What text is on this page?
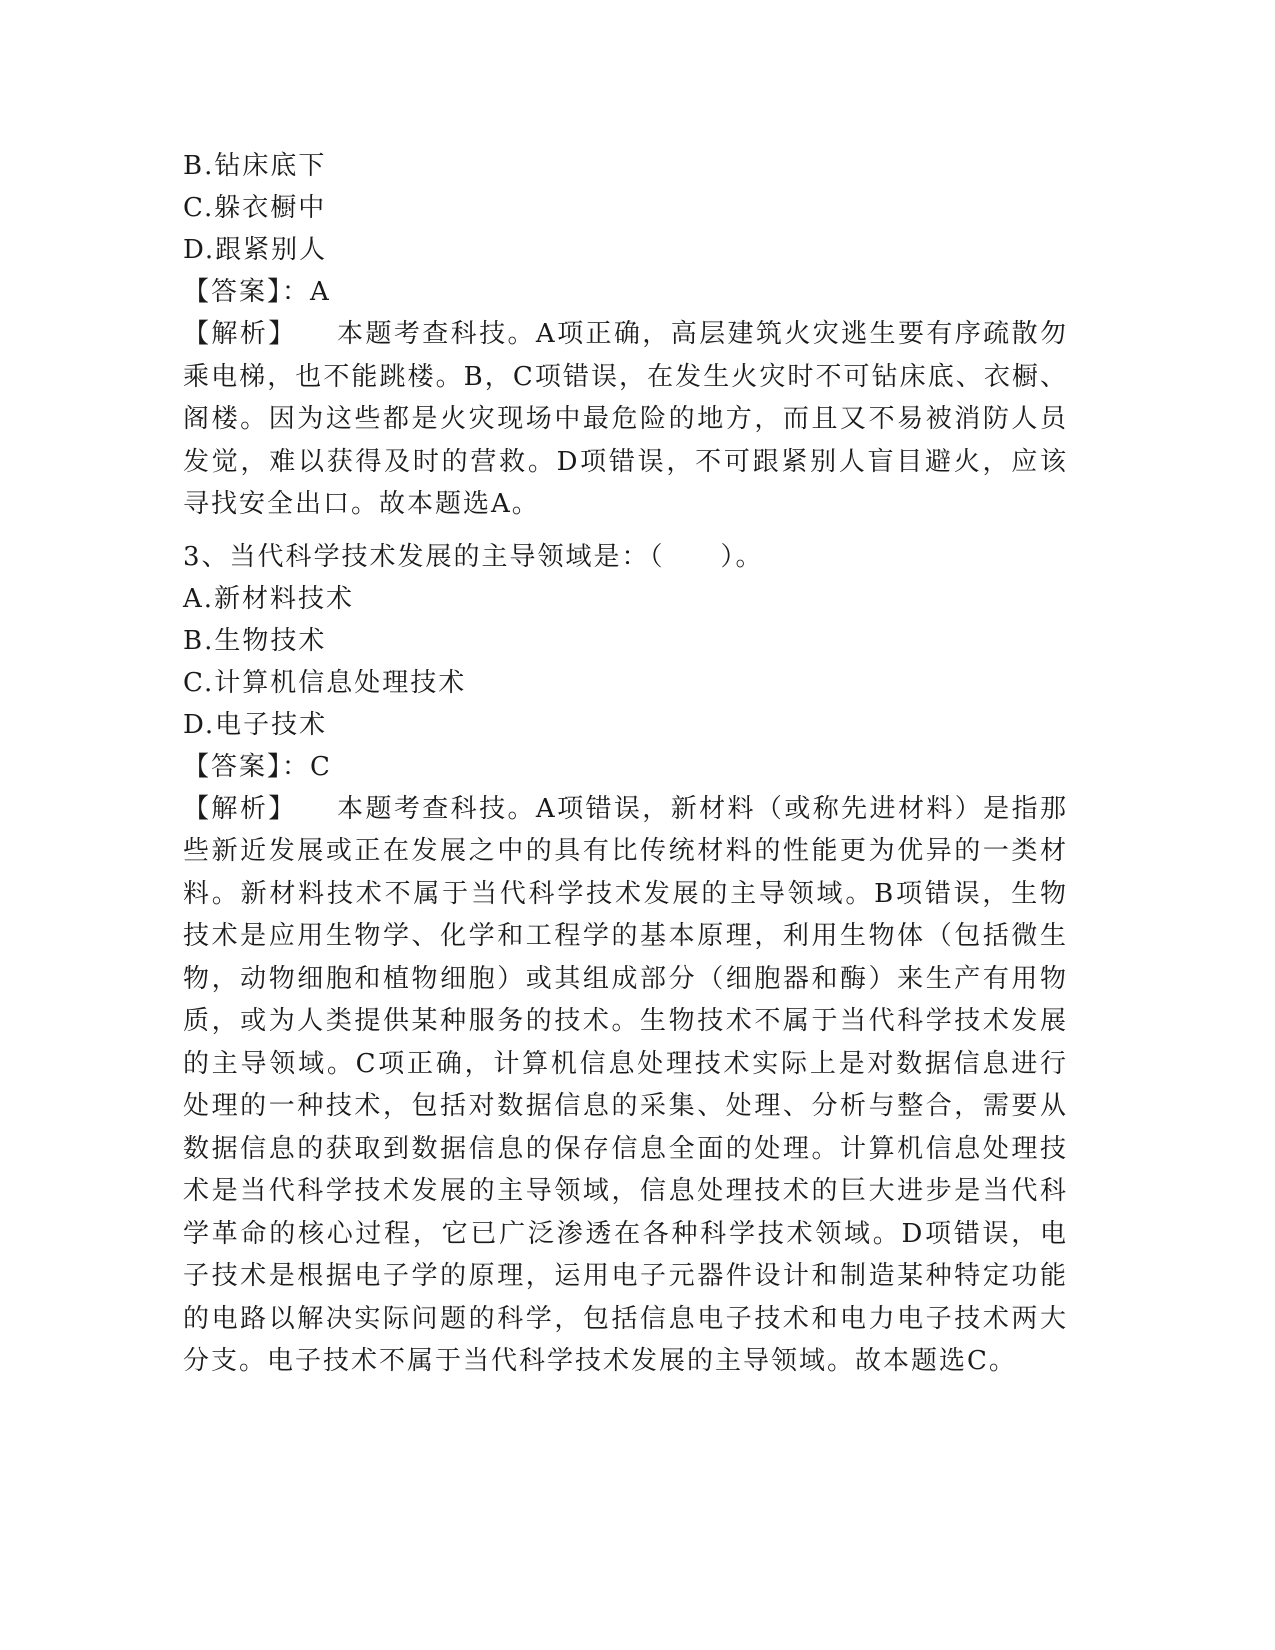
B.钻床底下
C.躲衣橱中
D.跟紧别人
【答案】：A

【解析】 本题考查科技。A项正确，高层建筑火灾逃生要有序疏散勿乘电梯，也不能跳楼。B，C项错误，在发生火灾时不可钻床底、衣橱、阁楼。因为这些都是火灾现场中最危险的地方，而且又不易被消防人员发觉，难以获得及时的营救。D项错误，不可跟紧别人盲目避火，应该寻找安全出口。故本题选A。

3、当代科学技术发展的主导领域是：（　　）。
A.新材料技术
B.生物技术
C.计算机信息处理技术
D.电子技术
【答案】：C

【解析】 本题考查科技。A项错误，新材料（或称先进材料）是指那些新近发展或正在发展之中的具有比传统材料的性能更为优异的一类材料。新材料技术不属于当代科学技术发展的主导领域。B项错误，生物技术是应用生物学、化学和工程学的基本原理，利用生物体（包括微生物，动物细胞和植物细胞）或其组成部分（细胞器和酶）来生产有用物质，或为人类提供某种服务的技术。生物技术不属于当代科学技术发展的主导领域。C项正确，计算机信息处理技术实际上是对数据信息进行处理的一种技术，包括对数据信息的采集、处理、分析与整合，需要从数据信息的获取到数据信息的保存信息全面的处理。计算机信息处理技术是当代科学技术发展的主导领域，信息处理技术的巨大进步是当代科学革命的核心过程，它已广泛渗透在各种科学技术领域。D项错误，电子技术是根据电子学的原理，运用电子元器件设计和制造某种特定功能的电路以解决实际问题的科学，包括信息电子技术和电力电子技术两大分支。电子技术不属于当代科学技术发展的主导领域。故本题选C。
